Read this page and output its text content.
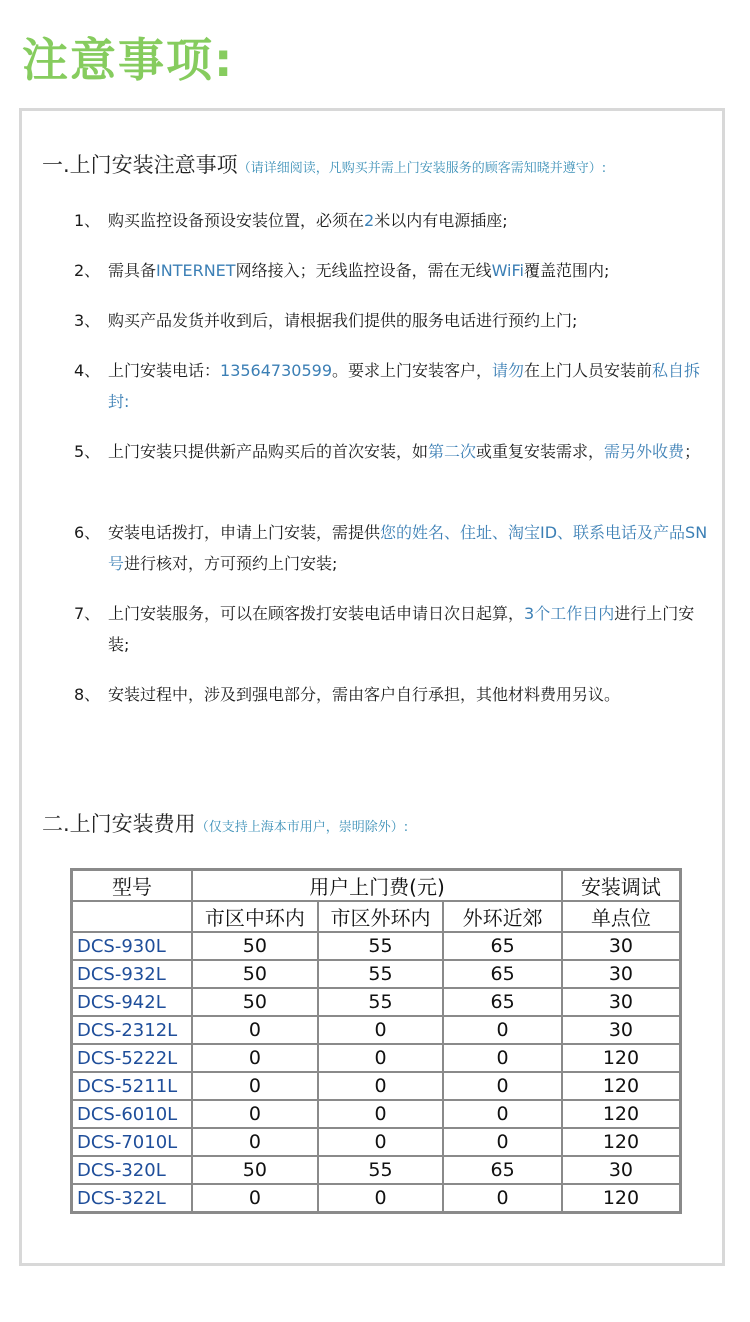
注意事项:
一.上门安装注意事项（请详细阅读，凡购买并需上门安装服务的顾客需知晓并遵守）:
1、 购买监控设备预设安装位置，必须在2米以内有电源插座;
2、 需具备INTERNET网络接入；无线监控设备，需在无线WiFi覆盖范围内;
3、 购买产品发货并收到后，请根据我们提供的服务电话进行预约上门;
4、 上门安装电话：13564730599。要求上门安装客户，请勿在上门人员安装前私自拆封:
5、 上门安装只提供新产品购买后的首次安装，如第二次或重复安装需求，需另外收费；
6、 安装电话拨打，申请上门安装，需提供您的姓名、住址、淘宝ID、联系电话及产品SN号进行核对，方可预约上门安装;
7、 上门安装服务，可以在顾客拨打安装电话申请日次日起算，3个工作日内进行上门安装;
8、 安装过程中，涉及到强电部分，需由客户自行承担，其他材料费用另议。
二.上门安装费用（仅支持上海本市用户，崇明除外）:
型号	用户上门费(元)			安装调试
	市区中环内	市区外环内	外环近郊	单点位
DCS-930L	50	55	65	30
DCS-932L	50	55	65	30
DCS-942L	50	55	65	30
DCS-2312L	0	0	0	30
DCS-5222L	0	0	0	120
DCS-5211L	0	0	0	120
DCS-6010L	0	0	0	120
DCS-7010L	0	0	0	120
DCS-320L	50	55	65	30
DCS-322L	0	0	0	120
